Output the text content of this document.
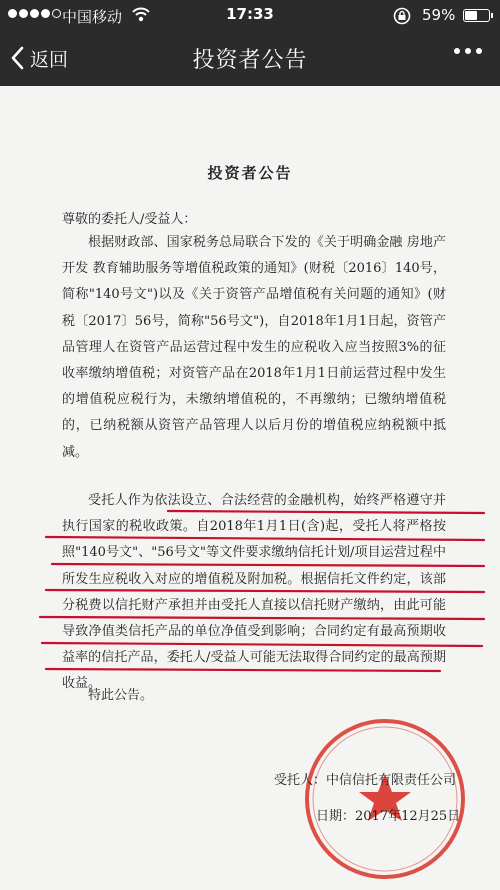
中国移动	17:33	59%
返回	投资者公告
投资者公告
尊敬的委托人/受益人：
根据财政部、国家税务总局联合下发的《关于明确金融 房地产开发 教育辅助服务等增值税政策的通知》(财税〔2016〕140号，简称"140号文")以及《关于资管产品增值税有关问题的通知》(财税〔2017〕56号，简称"56号文")，自2018年1月1日起，资管产品管理人在资管产品运营过程中发生的应税收入应当按照3%的征收率缴纳增值税；对资管产品在2018年1月1日前运营过程中发生的增值税应税行为，未缴纳增值税的，不再缴纳；已缴纳增值税的，已纳税额从资管产品管理人以后月份的增值税应纳税额中抵减。
受托人作为依法设立、合法经营的金融机构，始终严格遵守并执行国家的税收政策。自2018年1月1日(含)起，受托人将严格按照"140号文"、"56号文"等文件要求缴纳信托计划/项目运营过程中所发生应税收入对应的增值税及附加税。根据信托文件约定，该部分税费以信托财产承担并由受托人直接以信托财产缴纳，由此可能导致净值类信托产品的单位净值受到影响；合同约定有最高预期收益率的信托产品，委托人/受益人可能无法取得合同约定的最高预期收益。
特此公告。
受托人：中信信托有限责任公司
日期：2017年12月25日
